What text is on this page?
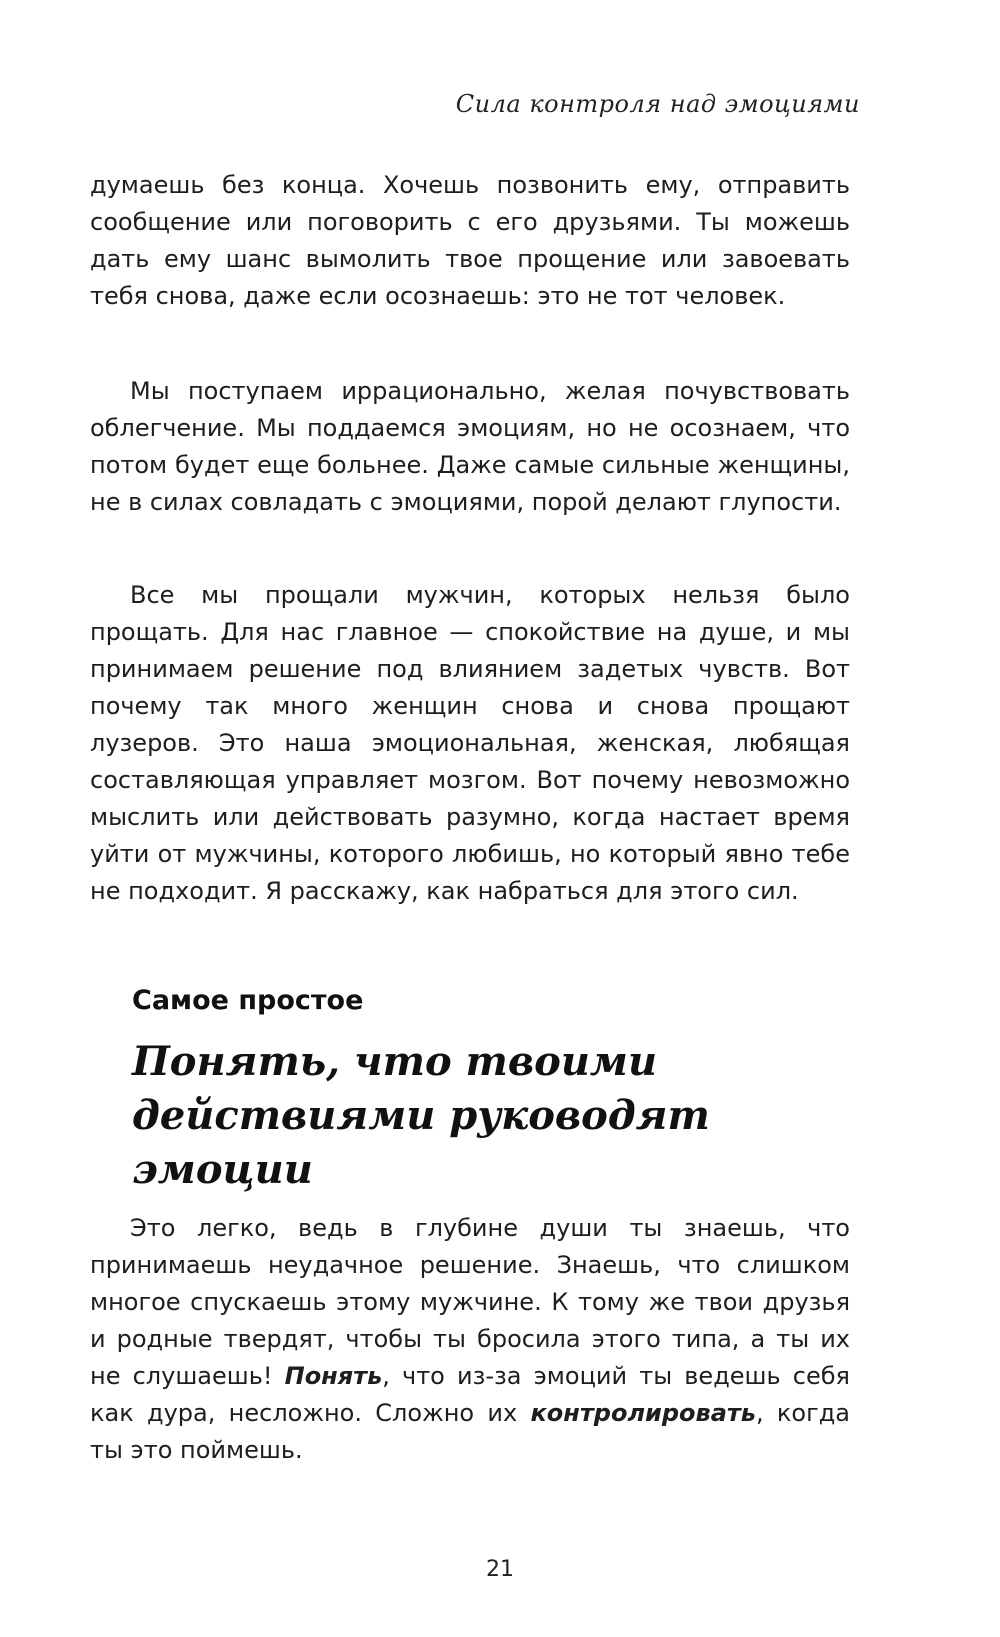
Сила контроля над эмоциями

думаешь без конца. Хочешь позвонить ему, отправить сообщение или поговорить с его друзьями. Ты можешь дать ему шанс вымолить твое прощение или завоевать тебя снова, даже если осознаешь: это не тот человек.

Мы поступаем иррационально, желая почувствовать облегчение. Мы поддаемся эмоциям, но не осознаем, что потом будет еще больнее. Даже самые сильные женщины, не в силах совладать с эмоциями, порой делают глупости.

Все мы прощали мужчин, которых нельзя было прощать. Для нас главное — спокойствие на душе, и мы принимаем решение под влиянием задетых чувств. Вот почему так много женщин снова и снова прощают лузеров. Это наша эмоциональная, женская, любящая составляющая управляет мозгом. Вот почему невозможно мыслить или действовать разумно, когда настает время уйти от мужчины, которого любишь, но который явно тебе не подходит. Я расскажу, как набраться для этого сил.

Самое простое
Понять, что твоими
действиями руководят
эмоции

Это легко, ведь в глубине души ты знаешь, что принимаешь неудачное решение. Знаешь, что слишком многое спускаешь этому мужчине. К тому же твои друзья и родные твердят, чтобы ты бросила этого типа, а ты их не слушаешь! Понять, что из-за эмоций ты ведешь себя как дура, несложно. Сложно их контролировать, когда ты это поймешь.

21
